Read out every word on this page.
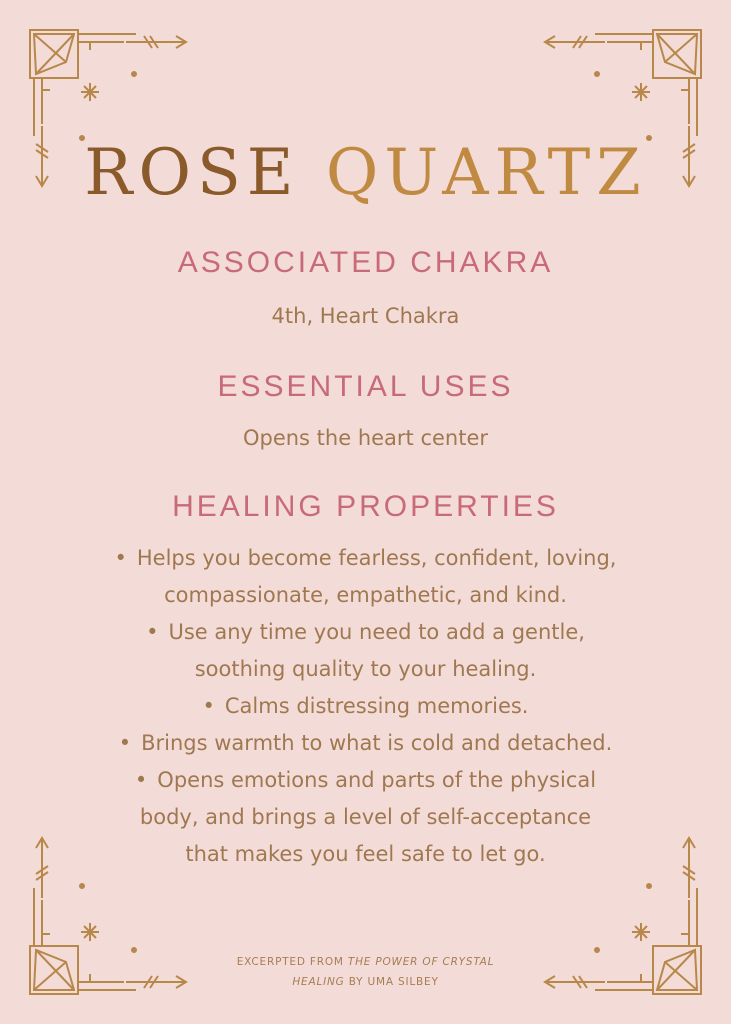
ROSE QUARTZ
ASSOCIATED CHAKRA
4th, Heart Chakra
ESSENTIAL USES
Opens the heart center
HEALING PROPERTIES
• Helps you become fearless, confident, loving,
compassionate, empathetic, and kind.
• Use any time you need to add a gentle,
soothing quality to your healing.
• Calms distressing memories.
• Brings warmth to what is cold and detached.
• Opens emotions and parts of the physical
body, and brings a level of self-acceptance
that makes you feel safe to let go.
EXCERPTED FROM THE POWER OF CRYSTAL
HEALING BY UMA SILBEY
